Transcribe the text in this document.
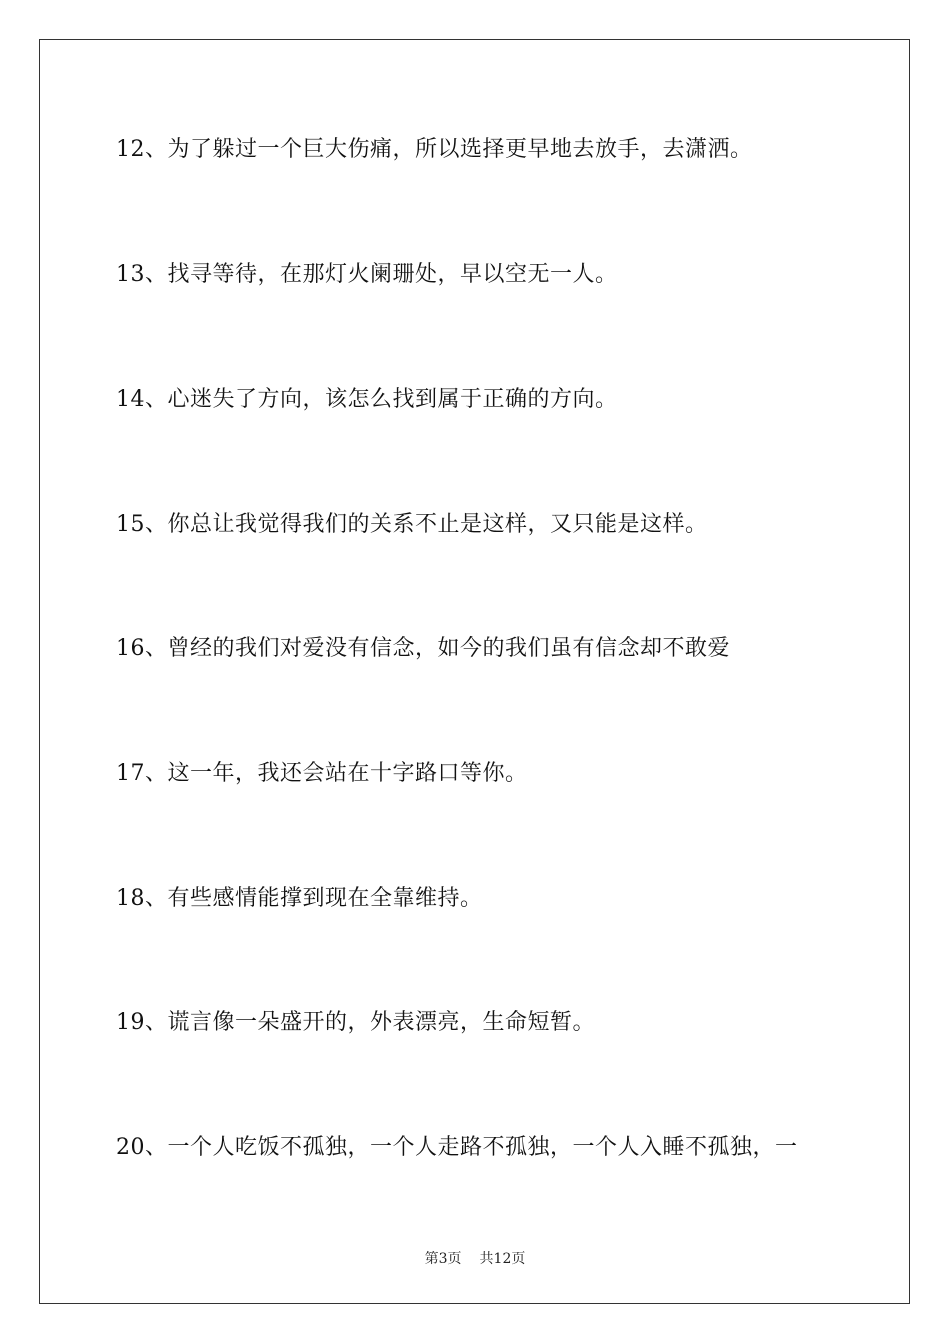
12、为了躲过一个巨大伤痛，所以选择更早地去放手，去潇洒。
13、找寻等待，在那灯火阑珊处，早以空无一人。
14、心迷失了方向，该怎么找到属于正确的方向。
15、你总让我觉得我们的关系不止是这样，又只能是这样。
16、曾经的我们对爱没有信念，如今的我们虽有信念却不敢爱
17、这一年，我还会站在十字路口等你。
18、有些感情能撑到现在全靠维持。
19、谎言像一朵盛开的，外表漂亮，生命短暂。
20、一个人吃饭不孤独，一个人走路不孤独，一个人入睡不孤独，一
第3页 共12页
